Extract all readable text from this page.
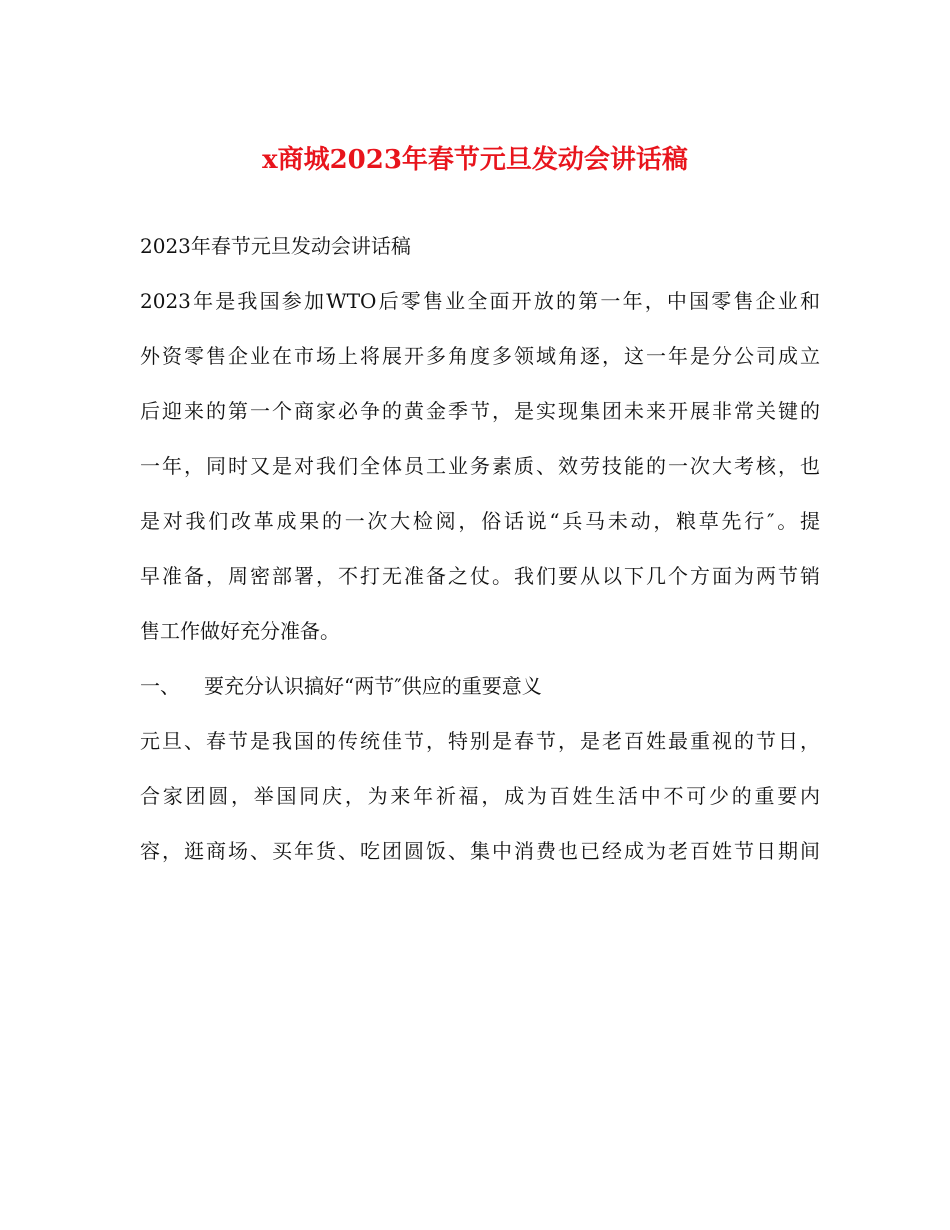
x商城2023年春节元旦发动会讲话稿
2023年春节元旦发动会讲话稿
2023年是我国参加WTO后零售业全面开放的第一年，中国零售企业和
外资零售企业在市场上将展开多角度多领域角逐，这一年是分公司成立
后迎来的第一个商家必争的黄金季节，是实现集团未来开展非常关键的
一年，同时又是对我们全体员工业务素质、效劳技能的一次大考核，也
是对我们改革成果的一次大检阅，俗话说“兵马未动，粮草先行″。提
早准备，周密部署，不打无准备之仗。我们要从以下几个方面为两节销
售工作做好充分准备。
一、 要充分认识搞好“两节″供应的重要意义
元旦、春节是我国的传统佳节，特别是春节，是老百姓最重视的节日，
合家团圆，举国同庆，为来年祈福，成为百姓生活中不可少的重要内
容，逛商场、买年货、吃团圆饭、集中消费也已经成为老百姓节日期间
